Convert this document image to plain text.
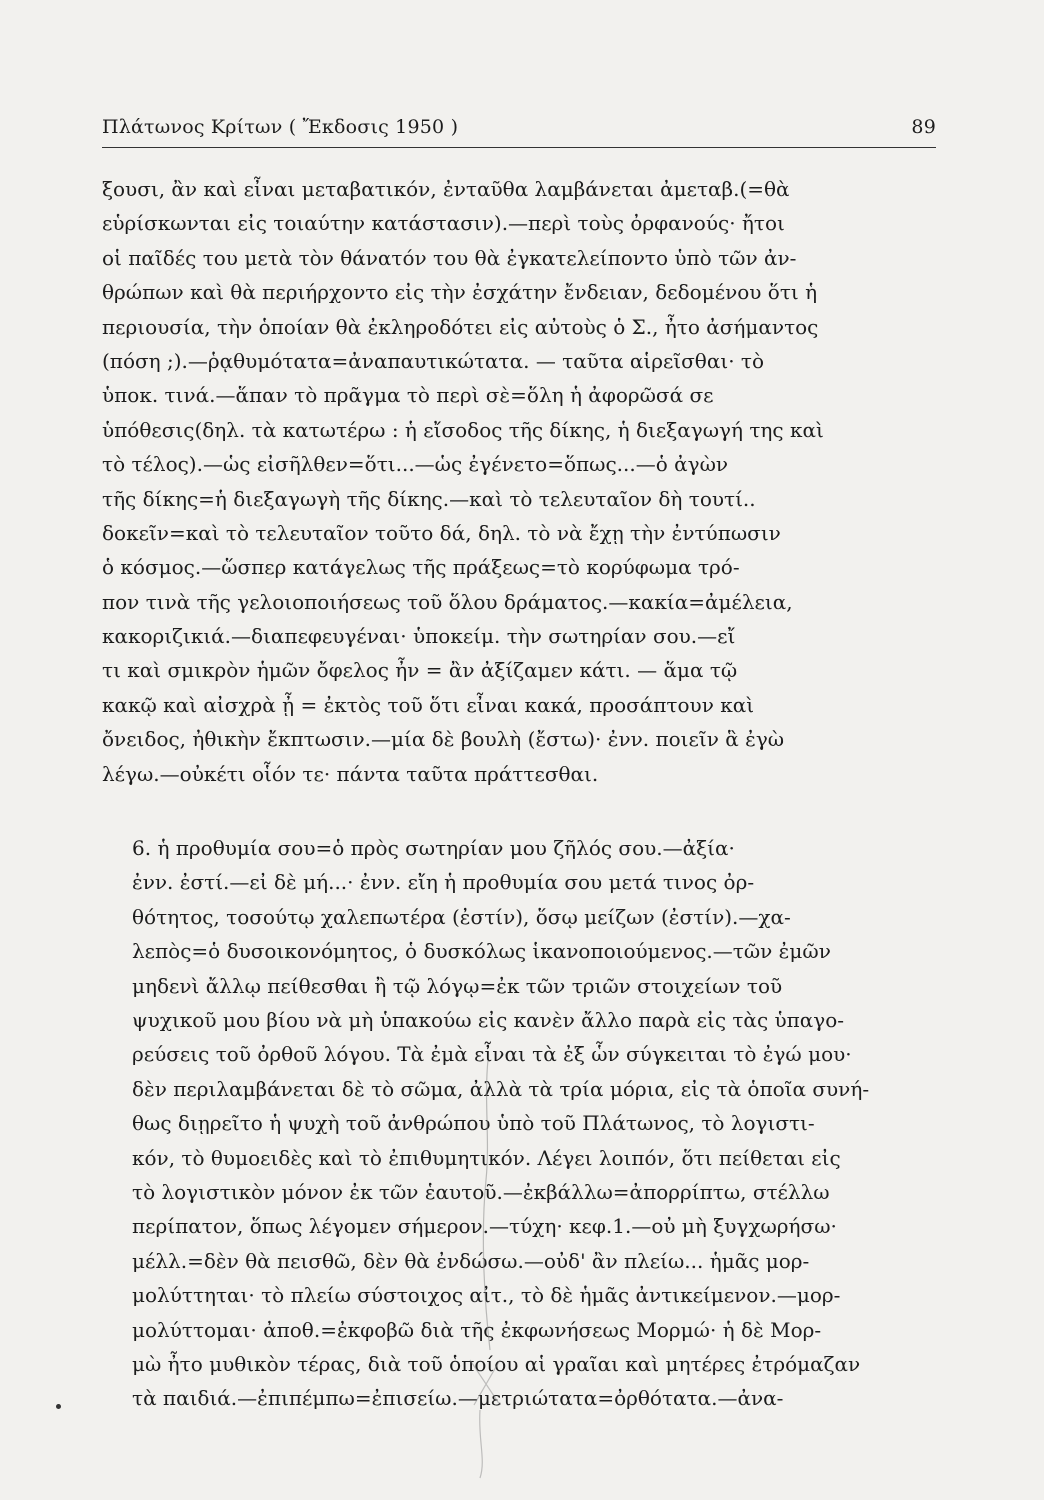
Πλάτωνος Κρίτων ( Ἔκδοσις 1950 )	89

ξουσι, ἂν καὶ εἶναι μεταβατικόν, ἐνταῦθα λαμβάνεται ἀμεταβ.(=θὰ
εὑρίσκωνται εἰς τοιαύτην κατάστασιν).—περὶ τοὺς ὀρφανούς· ἤτοι
οἱ παῖδές του μετὰ τὸν θάνατόν του θὰ ἐγκατελείποντο ὑπὸ τῶν ἀν-
θρώπων καὶ θὰ περιήρχοντο εἰς τὴν ἐσχάτην ἔνδειαν, δεδομένου ὅτι ἡ
περιουσία, τὴν ὁποίαν θὰ ἐκληροδότει εἰς αὐτοὺς ὁ Σ., ἦτο ἀσήμαντος
(πόση ;).—ῥᾳθυμότατα=ἀναπαυτικώτατα. — ταῦτα αἱρεῖσθαι· τὸ
ὑποκ. τινά.—ἅπαν τὸ πρᾶγμα τὸ περὶ σὲ=ὅλη ἡ ἀφορῶσά σε
ὑπόθεσις(δηλ. τὰ κατωτέρω : ἡ εἴσοδος τῆς δίκης, ἡ διεξαγωγή της καὶ
τὸ τέλος).—ὡς εἰσῆλθεν=ὅτι...—ὡς ἐγένετο=ὅπως...—ὁ ἀγὼν
τῆς δίκης=ἡ διεξαγωγὴ τῆς δίκης.—καὶ τὸ τελευταῖον δὴ τουτί..
δοκεῖν=καὶ τὸ τελευταῖον τοῦτο δά, δηλ. τὸ νὰ ἔχῃ τὴν ἐντύπωσιν
ὁ κόσμος.—ὥσπερ κατάγελως τῆς πράξεως=τὸ κορύφωμα τρό-
πον τινὰ τῆς γελοιοποιήσεως τοῦ ὅλου δράματος.—κακία=ἀμέλεια,
κακοριζικιά.—διαπεφευγέναι· ὑποκείμ. τὴν σωτηρίαν σου.—εἴ
τι καὶ σμικρὸν ἡμῶν ὄφελος ἦν = ἂν ἀξίζαμεν κάτι. — ἅμα τῷ
κακῷ καὶ αἰσχρὰ ᾖ = ἐκτὸς τοῦ ὅτι εἶναι κακά, προσάπτουν καὶ
ὄνειδος, ἠθικὴν ἔκπτωσιν.—μία δὲ βουλὴ (ἔστω)· ἐνν. ποιεῖν ἃ ἐγὼ
λέγω.—οὐκέτι οἷόν τε· πάντα ταῦτα πράττεσθαι.

6. ἡ προθυμία σου=ὁ πρὸς σωτηρίαν μου ζῆλός σου.—ἀξία·
ἐνν. ἐστί.—εἰ δὲ μή...· ἐνν. εἴη ἡ προθυμία σου μετά τινος ὀρ-
θότητος, τοσούτῳ χαλεπωτέρα (ἐστίν), ὅσῳ μείζων (ἐστίν).—χα-
λεπὸς=ὁ δυσοικονόμητος, ὁ δυσκόλως ἱκανοποιούμενος.—τῶν ἐμῶν
μηδενὶ ἄλλῳ πείθεσθαι ἢ τῷ λόγῳ=ἐκ τῶν τριῶν στοιχείων τοῦ
ψυχικοῦ μου βίου νὰ μὴ ὑπακούω εἰς κανὲν ἄλλο παρὰ εἰς τὰς ὑπαγο-
ρεύσεις τοῦ ὀρθοῦ λόγου. Τὰ ἐμὰ εἶναι τὰ ἐξ ὧν σύγκειται τὸ ἐγώ μου·
δὲν περιλαμβάνεται δὲ τὸ σῶμα, ἀλλὰ τὰ τρία μόρια, εἰς τὰ ὁποῖα συνή-
θως διῃρεῖτο ἡ ψυχὴ τοῦ ἀνθρώπου ὑπὸ τοῦ Πλάτωνος, τὸ λογιστι-
κόν, τὸ θυμοειδὲς καὶ τὸ ἐπιθυμητικόν. Λέγει λοιπόν, ὅτι πείθεται εἰς
τὸ λογιστικὸν μόνον ἐκ τῶν ἑαυτοῦ.—ἐκβάλλω=ἀπορρίπτω, στέλλω
περίπατον, ὅπως λέγομεν σήμερον.—τύχη· κεφ.1.—οὐ μὴ ξυγχωρήσω·
μέλλ.=δὲν θὰ πεισθῶ, δὲν θὰ ἐνδώσω.—οὐδ' ἂν πλείω... ἡμᾶς μορ-
μολύττηται· τὸ πλείω σύστοιχος αἰτ., τὸ δὲ ἡμᾶς ἀντικείμενον.—μορ-
μολύττομαι· ἀποθ.=ἐκφοβῶ διὰ τῆς ἐκφωνήσεως Μορμώ· ἡ δὲ Μορ-
μὼ ἦτο μυθικὸν τέρας, διὰ τοῦ ὁποίου αἱ γραῖαι καὶ μητέρες ἐτρόμαζαν
τὰ παιδιά.—ἐπιπέμπω=ἐπισείω.—μετριώτατα=ὀρθότατα.—ἀνα-
